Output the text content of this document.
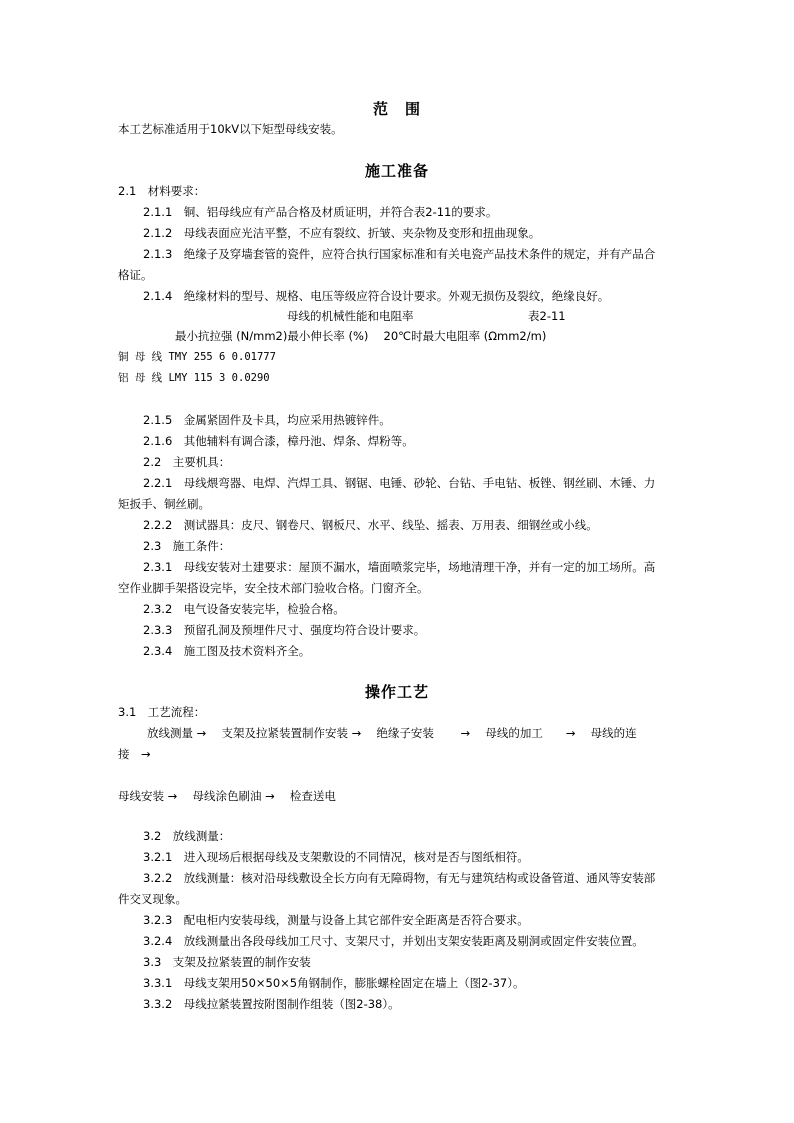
范　围
本工艺标准适用于10kV以下矩型母线安装。
施工准备
2.1　材料要求：
2.1.1　铜、铝母线应有产品合格及材质证明，并符合表2-11的要求。
2.1.2　母线表面应光洁平整，不应有裂纹、折皱、夹杂物及变形和扭曲现象。
2.1.3　绝缘子及穿墙套管的瓷件，应符合执行国家标准和有关电瓷产品技术条件的规定，并有产品合
格证。
2.1.4　绝缘材料的型号、规格、电压等级应符合设计要求。外观无损伤及裂纹，绝缘良好。
母线的机械性能和电阻率	表2-11
最小抗拉强 (N/mm2)最小伸长率 (%)　 20℃时最大电阻率 (Ωmm2/m)
铜 母 线 TMY 255 6 0.01777
铝 母 线 LMY 115 3 0.0290
2.1.5　金属紧固件及卡具，均应采用热镀锌件。
2.1.6　其他辅料有调合漆，樟丹池、焊条、焊粉等。
2.2　主要机具：
2.2.1　母线煨弯器、电焊、汽焊工具、钢锯、电锤、砂轮、台钻、手电钻、板锉、钢丝刷、木锤、力
矩扳手、铜丝刷。
2.2.2　测试器具：皮尺、钢卷尺、钢板尺、水平、线坠、摇表、万用表、细钢丝或小线。
2.3　施工条件：
2.3.1　母线安装对土建要求：屋顶不漏水，墙面喷浆完毕，场地清理干净，并有一定的加工场所。高
空作业脚手架搭设完毕，安全技术部门验收合格。门窗齐全。
2.3.2　电气设备安装完毕，检验合格。
2.3.3　预留孔洞及预埋件尺寸、强度均符合设计要求。
2.3.4　施工图及技术资料齐全。
操作工艺
3.1　工艺流程：
放线测量 →　 支架及拉紧装置制作安装 →　 绝缘子安装　　 →　 母线的加工　　→　 母线的连
接　→
母线安装 →　 母线涂色刷油 →　 检查送电
3.2　放线测量：
3.2.1　进入现场后根据母线及支架敷设的不同情况，核对是否与图纸相符。
3.2.2　放线测量：核对沿母线敷设全长方向有无障碍物，有无与建筑结构或设备管道、通风等安装部
件交叉现象。
3.2.3　配电柜内安装母线，测量与设备上其它部件安全距离是否符合要求。
3.2.4　放线测量出各段母线加工尺寸、支架尺寸，并划出支架安装距离及剔洞或固定件安装位置。
3.3　支架及拉紧装置的制作安装
3.3.1　母线支架用50×50×5角钢制作，膨胀螺栓固定在墙上（图2-37）。
3.3.2　母线拉紧装置按附图制作组装（图2-38）。
